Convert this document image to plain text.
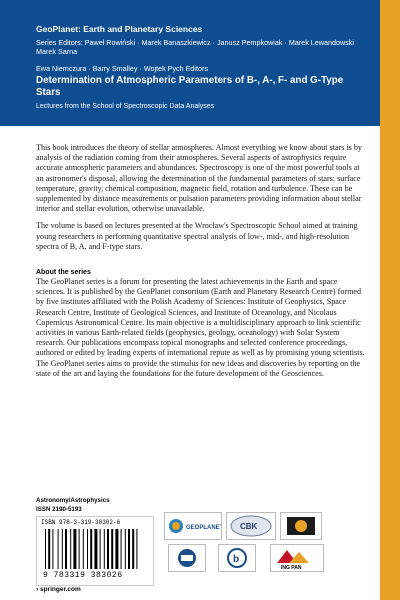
GeoPlanet: Earth and Planetary Sciences
Series Editors: Paweł Rowiński · Marek Banaszkiewicz · Janusz Pempkowiak · Marek Lewandowski
Marek Sarna
Ewa Niemczura · Barry Smalley · Wojtek Pych Editors
Determination of Atmospheric Parameters of B-, A-, F- and G-Type
Stars
Lectures from the School of Spectroscopic Data Analyses

This book introduces the theory of stellar atmospheres. Almost everything we know about stars is by analysis of the radiation coming from their atmospheres. Several aspects of astrophysics require accurate atmospheric parameters and abundances. Spectroscopy is one of the most powerful tools at an astronomer's disposal, allowing the determination of the fundamental parameters of stars: surface temperature, gravity, chemical composition, magnetic field, rotation and turbulence. These can be supplemented by distance measurements or pulsation parameters providing information about stellar interior and stellar evolution, otherwise unavailable.

The volume is based on lectures presented at the Wrocław's Spectroscopic School aimed at training young researchers in performing quantitative spectral analysis of low-, mid-, and high-resolution spectra of B, A, and F-type stars.

About the series

The GeoPlanet series is a forum for presenting the latest achievements in the Earth and space sciences. It is published by the GeoPlanet consortium (Earth and Planetary Research Centre) formed by five institutes affiliated with the Polish Academy of Sciences: Institute of Geophysics, Space Research Centre, Institute of Geological Sciences, and Institute of Oceanology, and Nicolaus Copernicus Astronomical Centre. Its main objective is a multidisciplinary approach to link scientific activities in various Earth-related fields (geophysics, geology, oceanology) with Solar System research. Our publications encompass topical monographs and selected conference proceedings, authored or edited by leading experts of international repute as well as by promising young scientists. The GeoPlanet series aims to provide the stimulus for new ideas and discoveries by reporting on the state of the art and laying the foundations for the future development of the Geosciences.

Astronomy/Astrophysics
ISSN 2190-5193
ISBN 978-3-319-38302-6
9 783319 383026
› springer.com
GEOPLANET CBK
b
ING PAN
